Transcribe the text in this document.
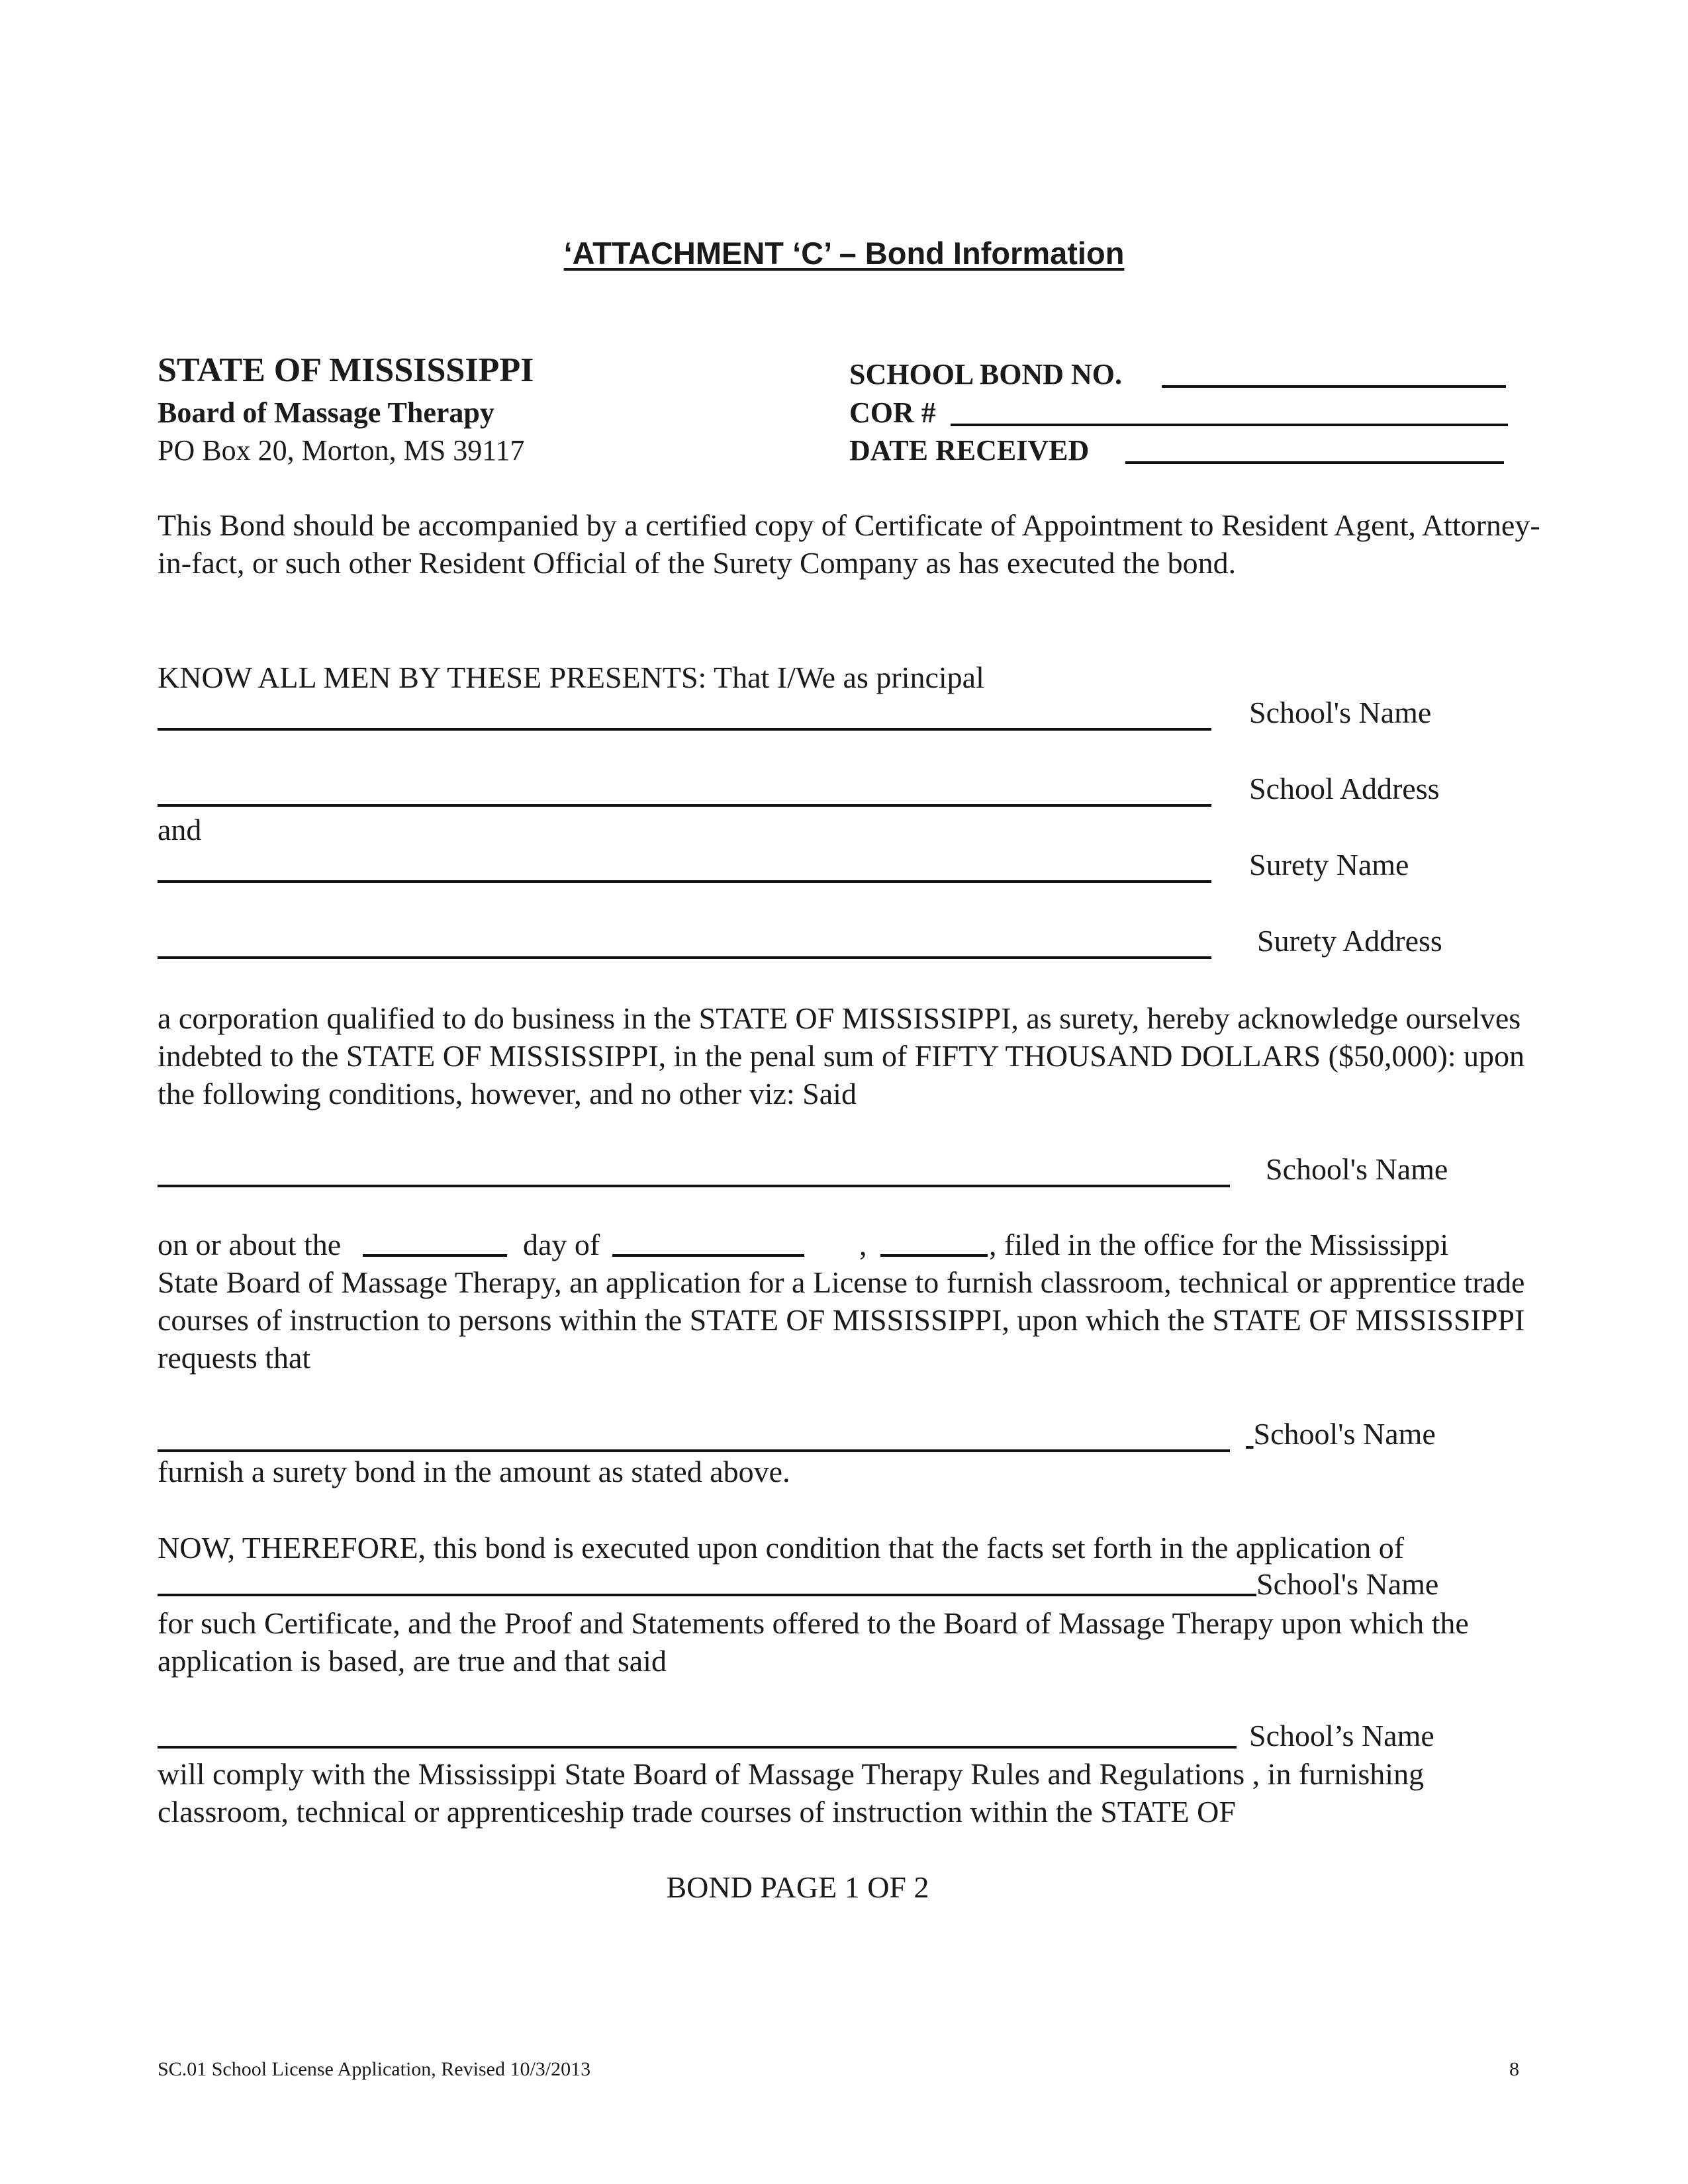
‘ATTACHMENT ‘C’ – Bond Information
STATE OF MISSISSIPPI
Board of Massage Therapy
PO Box 20, Morton, MS 39117
SCHOOL BOND NO.
COR #
DATE RECEIVED
This Bond should be accompanied by a certified copy of Certificate of Appointment to Resident Agent, Attorney-in-fact, or such other Resident Official of the Surety Company as has executed the bond.
KNOW ALL MEN BY THESE PRESENTS: That I/We as principal
School's Name
School Address
and
Surety Name
Surety Address
a corporation qualified to do business in the STATE OF MISSISSIPPI, as surety, hereby acknowledge ourselves indebted to the STATE OF MISSISSIPPI, in the penal sum of FIFTY THOUSAND DOLLARS ($50,000): upon the following conditions, however, and no other viz: Said
School's Name
on or about the	day of	,	, filed in the office for the Mississippi
State Board of Massage Therapy, an application for a License to furnish classroom, technical or apprentice trade courses of instruction to persons within the STATE OF MISSISSIPPI, upon which the STATE OF MISSISSIPPI requests that
School's Name
furnish a surety bond in the amount as stated above.
NOW, THEREFORE, this bond is executed upon condition that the facts set forth in the application of
School's Name
for such Certificate, and the Proof and Statements offered to the Board of Massage Therapy upon which the application is based, are true and that said
School’s Name
will comply with the Mississippi State Board of Massage Therapy Rules and Regulations , in furnishing classroom, technical or apprenticeship trade courses of instruction within the STATE OF
BOND PAGE 1 OF 2
SC.01 School License Application, Revised 10/3/2013	8
